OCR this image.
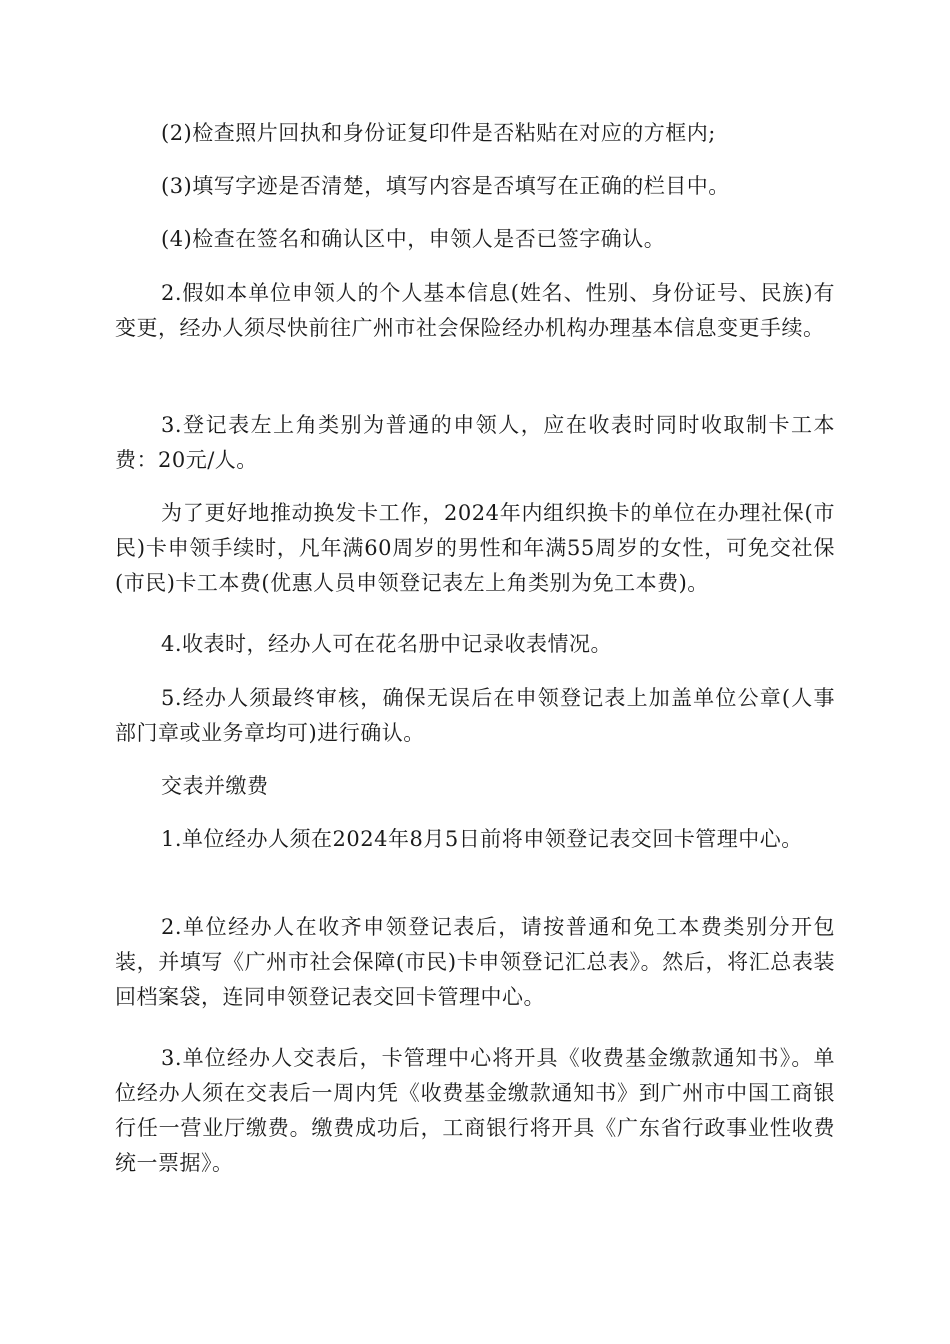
(2)检查照片回执和身份证复印件是否粘贴在对应的方框内;

(3)填写字迹是否清楚，填写内容是否填写在正确的栏目中。

(4)检查在签名和确认区中，申领人是否已签字确认。

2.假如本单位申领人的个人基本信息(姓名、性别、身份证号、民族)有变更，经办人须尽快前往广州市社会保险经办机构办理基本信息变更手续。

3.登记表左上角类别为普通的申领人，应在收表时同时收取制卡工本费：20元/人。

为了更好地推动换发卡工作，2024年内组织换卡的单位在办理社保(市民)卡申领手续时，凡年满60周岁的男性和年满55周岁的女性，可免交社保(市民)卡工本费(优惠人员申领登记表左上角类别为免工本费)。

4.收表时，经办人可在花名册中记录收表情况。

5.经办人须最终审核，确保无误后在申领登记表上加盖单位公章(人事部门章或业务章均可)进行确认。

交表并缴费

1.单位经办人须在2024年8月5日前将申领登记表交回卡管理中心。

2.单位经办人在收齐申领登记表后，请按普通和免工本费类别分开包装，并填写《广州市社会保障(市民)卡申领登记汇总表》。然后，将汇总表装回档案袋，连同申领登记表交回卡管理中心。

3.单位经办人交表后，卡管理中心将开具《收费基金缴款通知书》。单位经办人须在交表后一周内凭《收费基金缴款通知书》到广州市中国工商银行任一营业厅缴费。缴费成功后，工商银行将开具《广东省行政事业性收费统一票据》。
